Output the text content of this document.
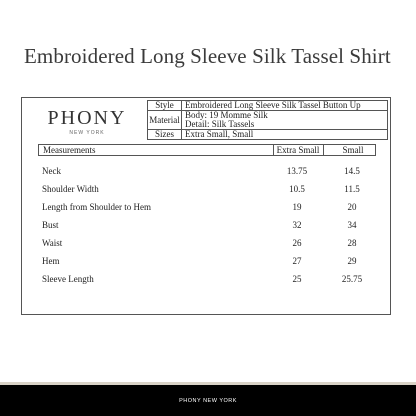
Embroidered Long Sleeve Silk Tassel Shirt
PHONY
NEW YORK
Style	Embroidered Long Sleeve Silk Tassel Button Up
Material	Body: 19 Momme Silk
Detail: Silk Tassels
Sizes	Extra Small, Small
Measurements	Extra Small	Small
Neck	13.75	14.5
Shoulder Width	10.5	11.5
Length from Shoulder to Hem	19	20
Bust	32	34
Waist	26	28
Hem	27	29
Sleeve Length	25	25.75
PHONY NEW YORK
